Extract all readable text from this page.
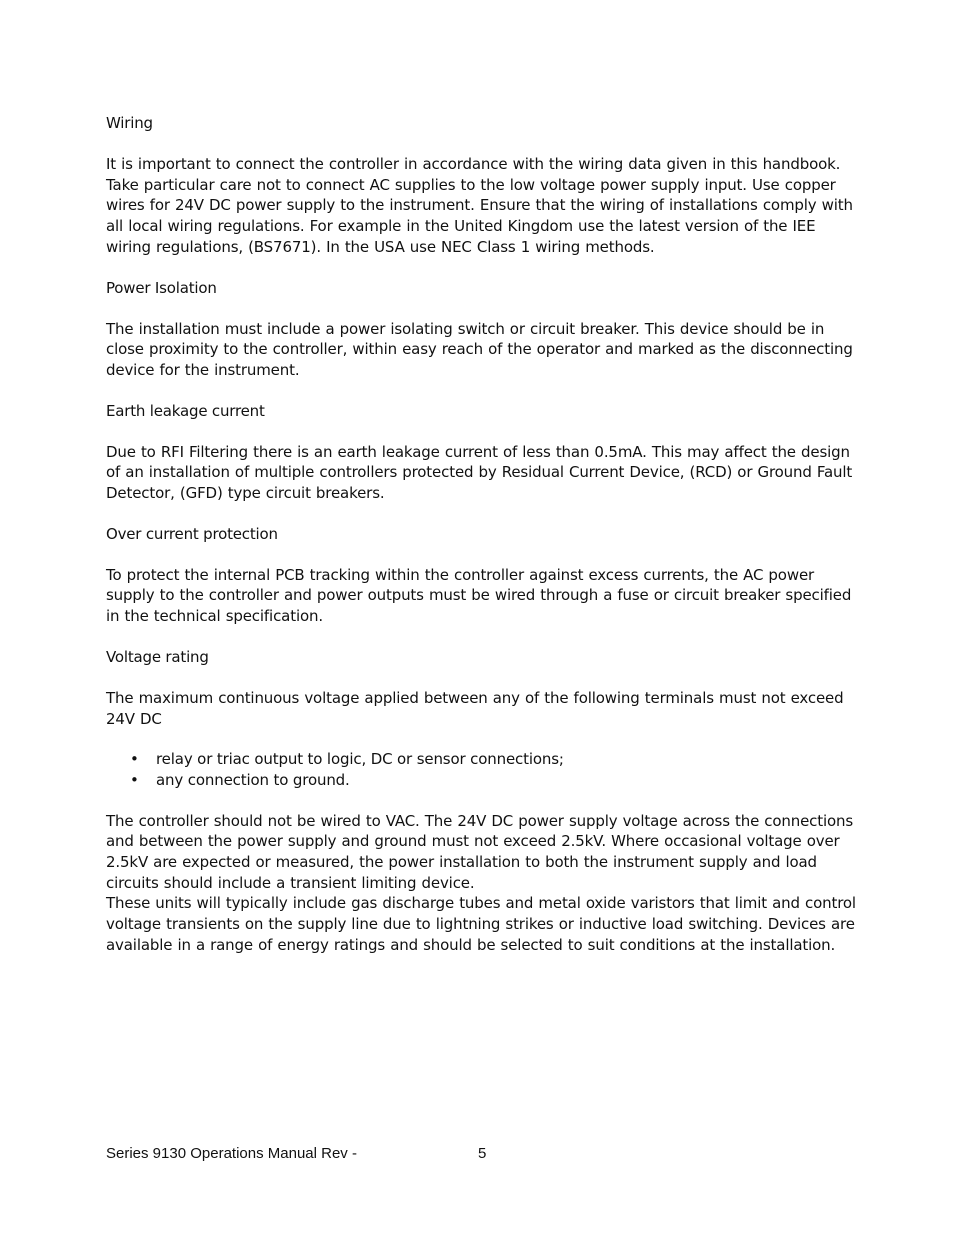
Wiring

It is important to connect the controller in accordance with the wiring data given in this handbook. Take particular care not to connect AC supplies to the low voltage power supply input. Use copper wires for 24V DC power supply to the instrument. Ensure that the wiring of installations comply with all local wiring regulations. For example in the United Kingdom use the latest version of the IEE wiring regulations, (BS7671). In the USA use NEC Class 1 wiring methods.

Power Isolation

The installation must include a power isolating switch or circuit breaker. This device should be in close proximity to the controller, within easy reach of the operator and marked as the disconnecting device for the instrument.

Earth leakage current

Due to RFI Filtering there is an earth leakage current of less than 0.5mA. This may affect the design of an installation of multiple controllers protected by Residual Current Device, (RCD) or Ground Fault Detector, (GFD) type circuit breakers.

Over current protection

To protect the internal PCB tracking within the controller against excess currents, the AC power supply to the controller and power outputs must be wired through a fuse or circuit breaker specified in the technical specification.

Voltage rating

The maximum continuous voltage applied between any of the following terminals must not exceed 24V DC

• relay or triac output to logic, DC or sensor connections;
• any connection to ground.

The controller should not be wired to VAC. The 24V DC power supply voltage across the connections and between the power supply and ground must not exceed 2.5kV. Where occasional voltage over 2.5kV are expected or measured, the power installation to both the instrument supply and load circuits should include a transient limiting device.

These units will typically include gas discharge tubes and metal oxide varistors that limit and control voltage transients on the supply line due to lightning strikes or inductive load switching. Devices are available in a range of energy ratings and should be selected to suit conditions at the installation.

Series 9130 Operations Manual Rev -	5
